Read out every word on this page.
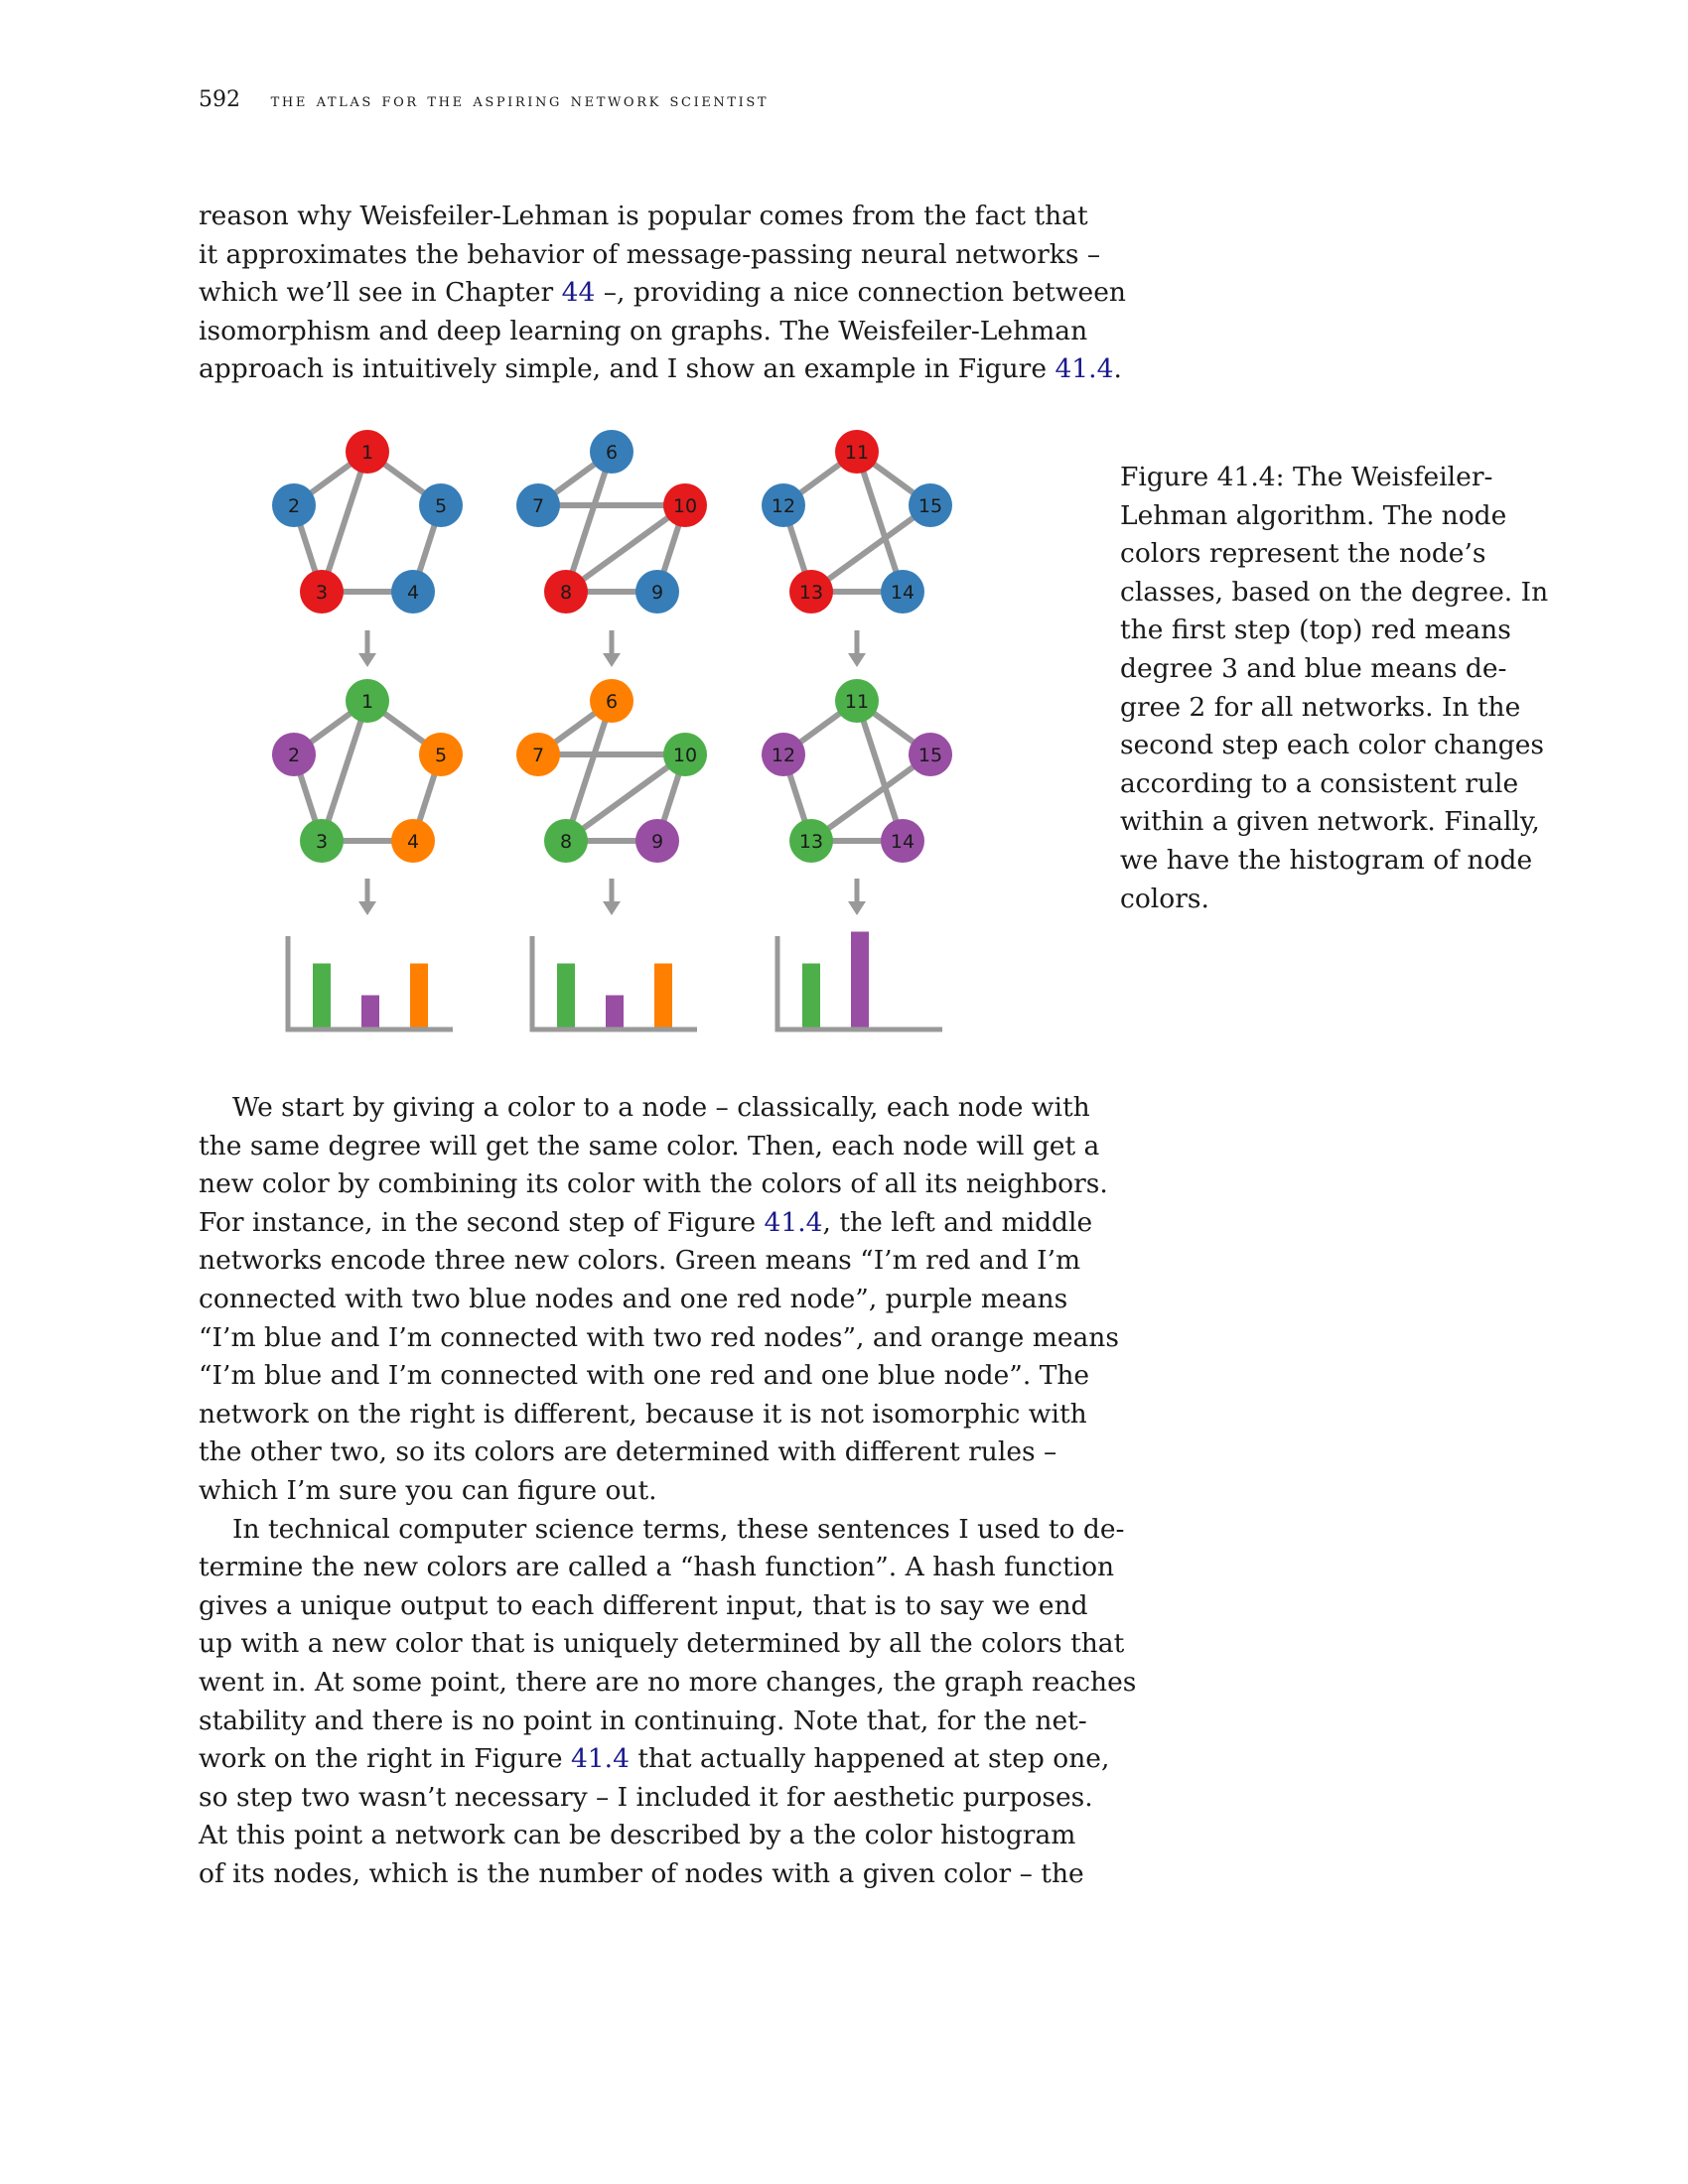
592 the atlas for the aspiring network scientist

reason why Weisfeiler-Lehman is popular comes from the fact that
it approximates the behavior of message-passing neural networks –
which we’ll see in Chapter 44 –, providing a nice connection between
isomorphism and deep learning on graphs. The Weisfeiler-Lehman
approach is intuitively simple, and I show an example in Figure 41.4.

1
2	5
3	4
1
2	5
3	4
6
7	10
8	9
6
7	10
8	9
11
12	15
13	14
11
12	15
13	14
Figure 41.4: The Weisfeiler-
Lehman algorithm. The node
colors represent the node’s
classes, based on the degree. In
the first step (top) red means
degree 3 and blue means de-
gree 2 for all networks. In the
second step each color changes
according to a consistent rule
within a given network. Finally,
we have the histogram of node
colors.

We start by giving a color to a node – classically, each node with
the same degree will get the same color. Then, each node will get a
new color by combining its color with the colors of all its neighbors.
For instance, in the second step of Figure 41.4, the left and middle
networks encode three new colors. Green means “I’m red and I’m
connected with two blue nodes and one red node”, purple means
“I’m blue and I’m connected with two red nodes”, and orange means
“I’m blue and I’m connected with one red and one blue node”. The
network on the right is different, because it is not isomorphic with
the other two, so its colors are determined with different rules –
which I’m sure you can figure out.

In technical computer science terms, these sentences I used to de-
termine the new colors are called a “hash function”. A hash function
gives a unique output to each different input, that is to say we end
up with a new color that is uniquely determined by all the colors that
went in. At some point, there are no more changes, the graph reaches
stability and there is no point in continuing. Note that, for the net-
work on the right in Figure 41.4 that actually happened at step one,
so step two wasn’t necessary – I included it for aesthetic purposes.
At this point a network can be described by a the color histogram
of its nodes, which is the number of nodes with a given color – the
